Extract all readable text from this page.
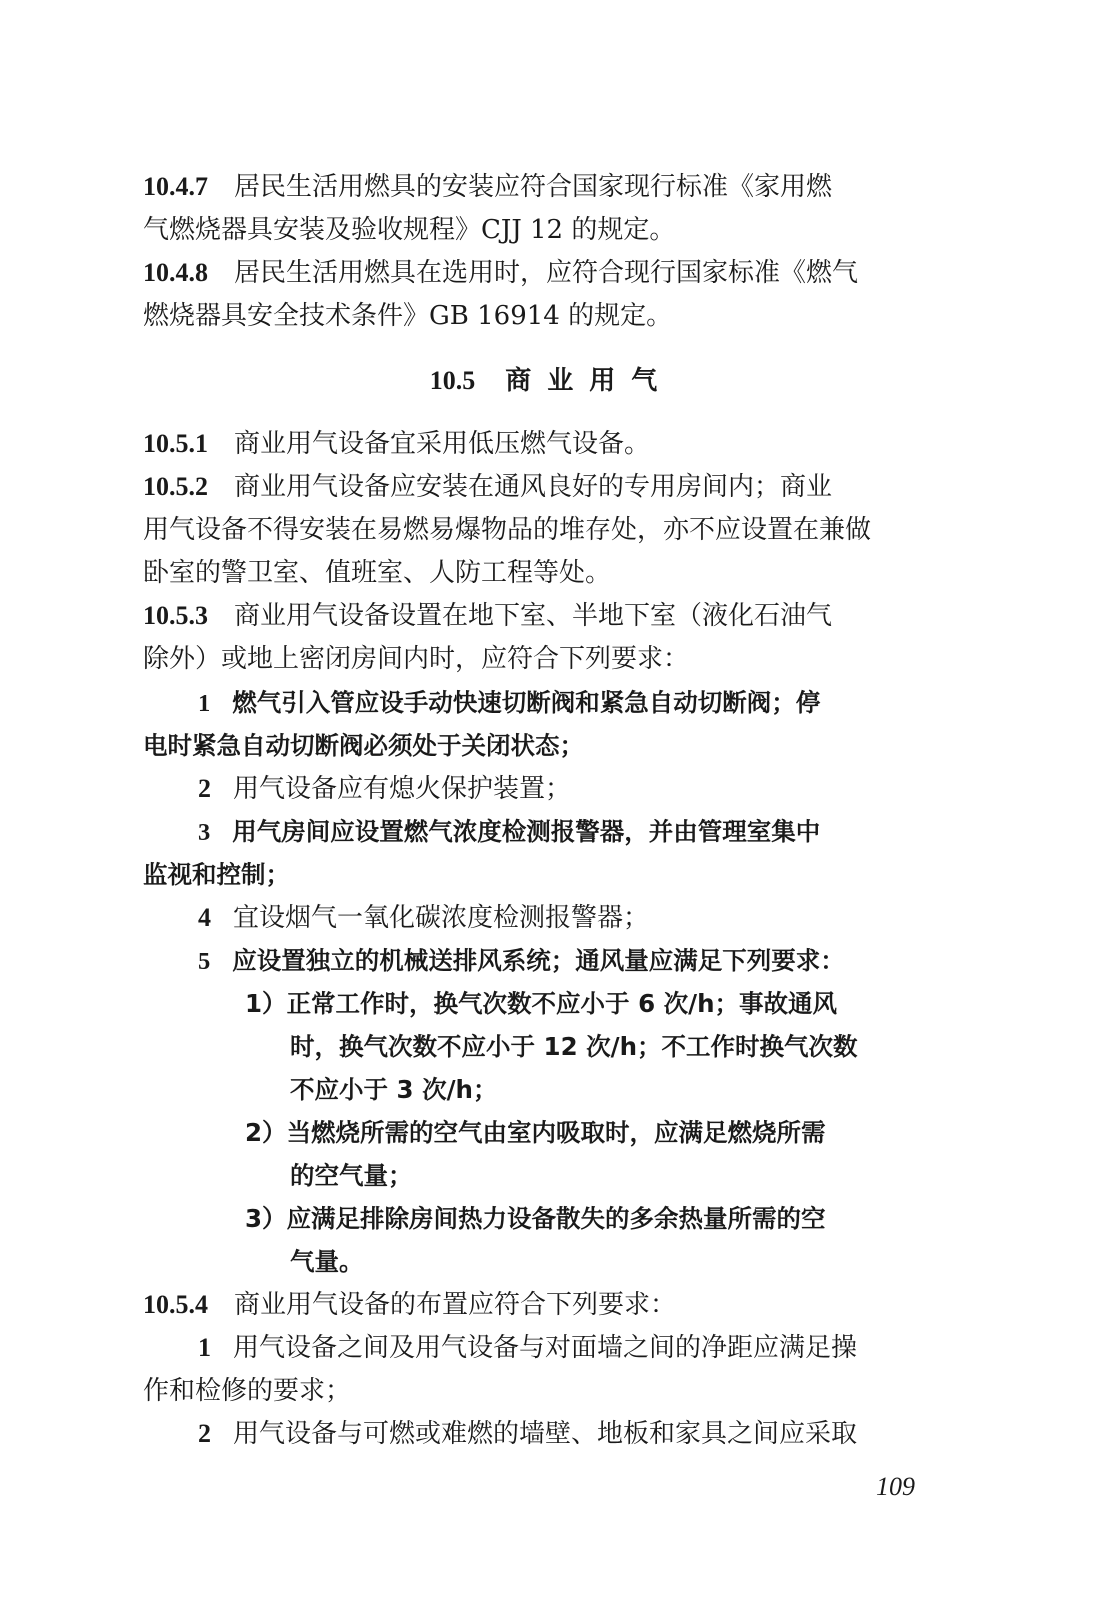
10.4.7 居民生活用燃具的安装应符合国家现行标准《家用燃
气燃烧器具安装及验收规程》CJJ 12 的规定。
10.4.8 居民生活用燃具在选用时，应符合现行国家标准《燃气
燃烧器具安全技术条件》GB 16914 的规定。
10.5 商业用气
10.5.1 商业用气设备宜采用低压燃气设备。
10.5.2 商业用气设备应安装在通风良好的专用房间内；商业
用气设备不得安装在易燃易爆物品的堆存处，亦不应设置在兼做
卧室的警卫室、值班室、人防工程等处。
10.5.3 商业用气设备设置在地下室、半地下室（液化石油气
除外）或地上密闭房间内时，应符合下列要求：
1 燃气引入管应设手动快速切断阀和紧急自动切断阀；停
电时紧急自动切断阀必须处于关闭状态；
2 用气设备应有熄火保护装置；
3 用气房间应设置燃气浓度检测报警器，并由管理室集中
监视和控制；
4 宜设烟气一氧化碳浓度检测报警器；
5 应设置独立的机械送排风系统；通风量应满足下列要求：
1）正常工作时，换气次数不应小于 6 次/h；事故通风
时，换气次数不应小于 12 次/h；不工作时换气次数
不应小于 3 次/h；
2）当燃烧所需的空气由室内吸取时，应满足燃烧所需
的空气量；
3）应满足排除房间热力设备散失的多余热量所需的空
气量。
10.5.4 商业用气设备的布置应符合下列要求：
1 用气设备之间及用气设备与对面墙之间的净距应满足操
作和检修的要求；
2 用气设备与可燃或难燃的墙壁、地板和家具之间应采取
109
